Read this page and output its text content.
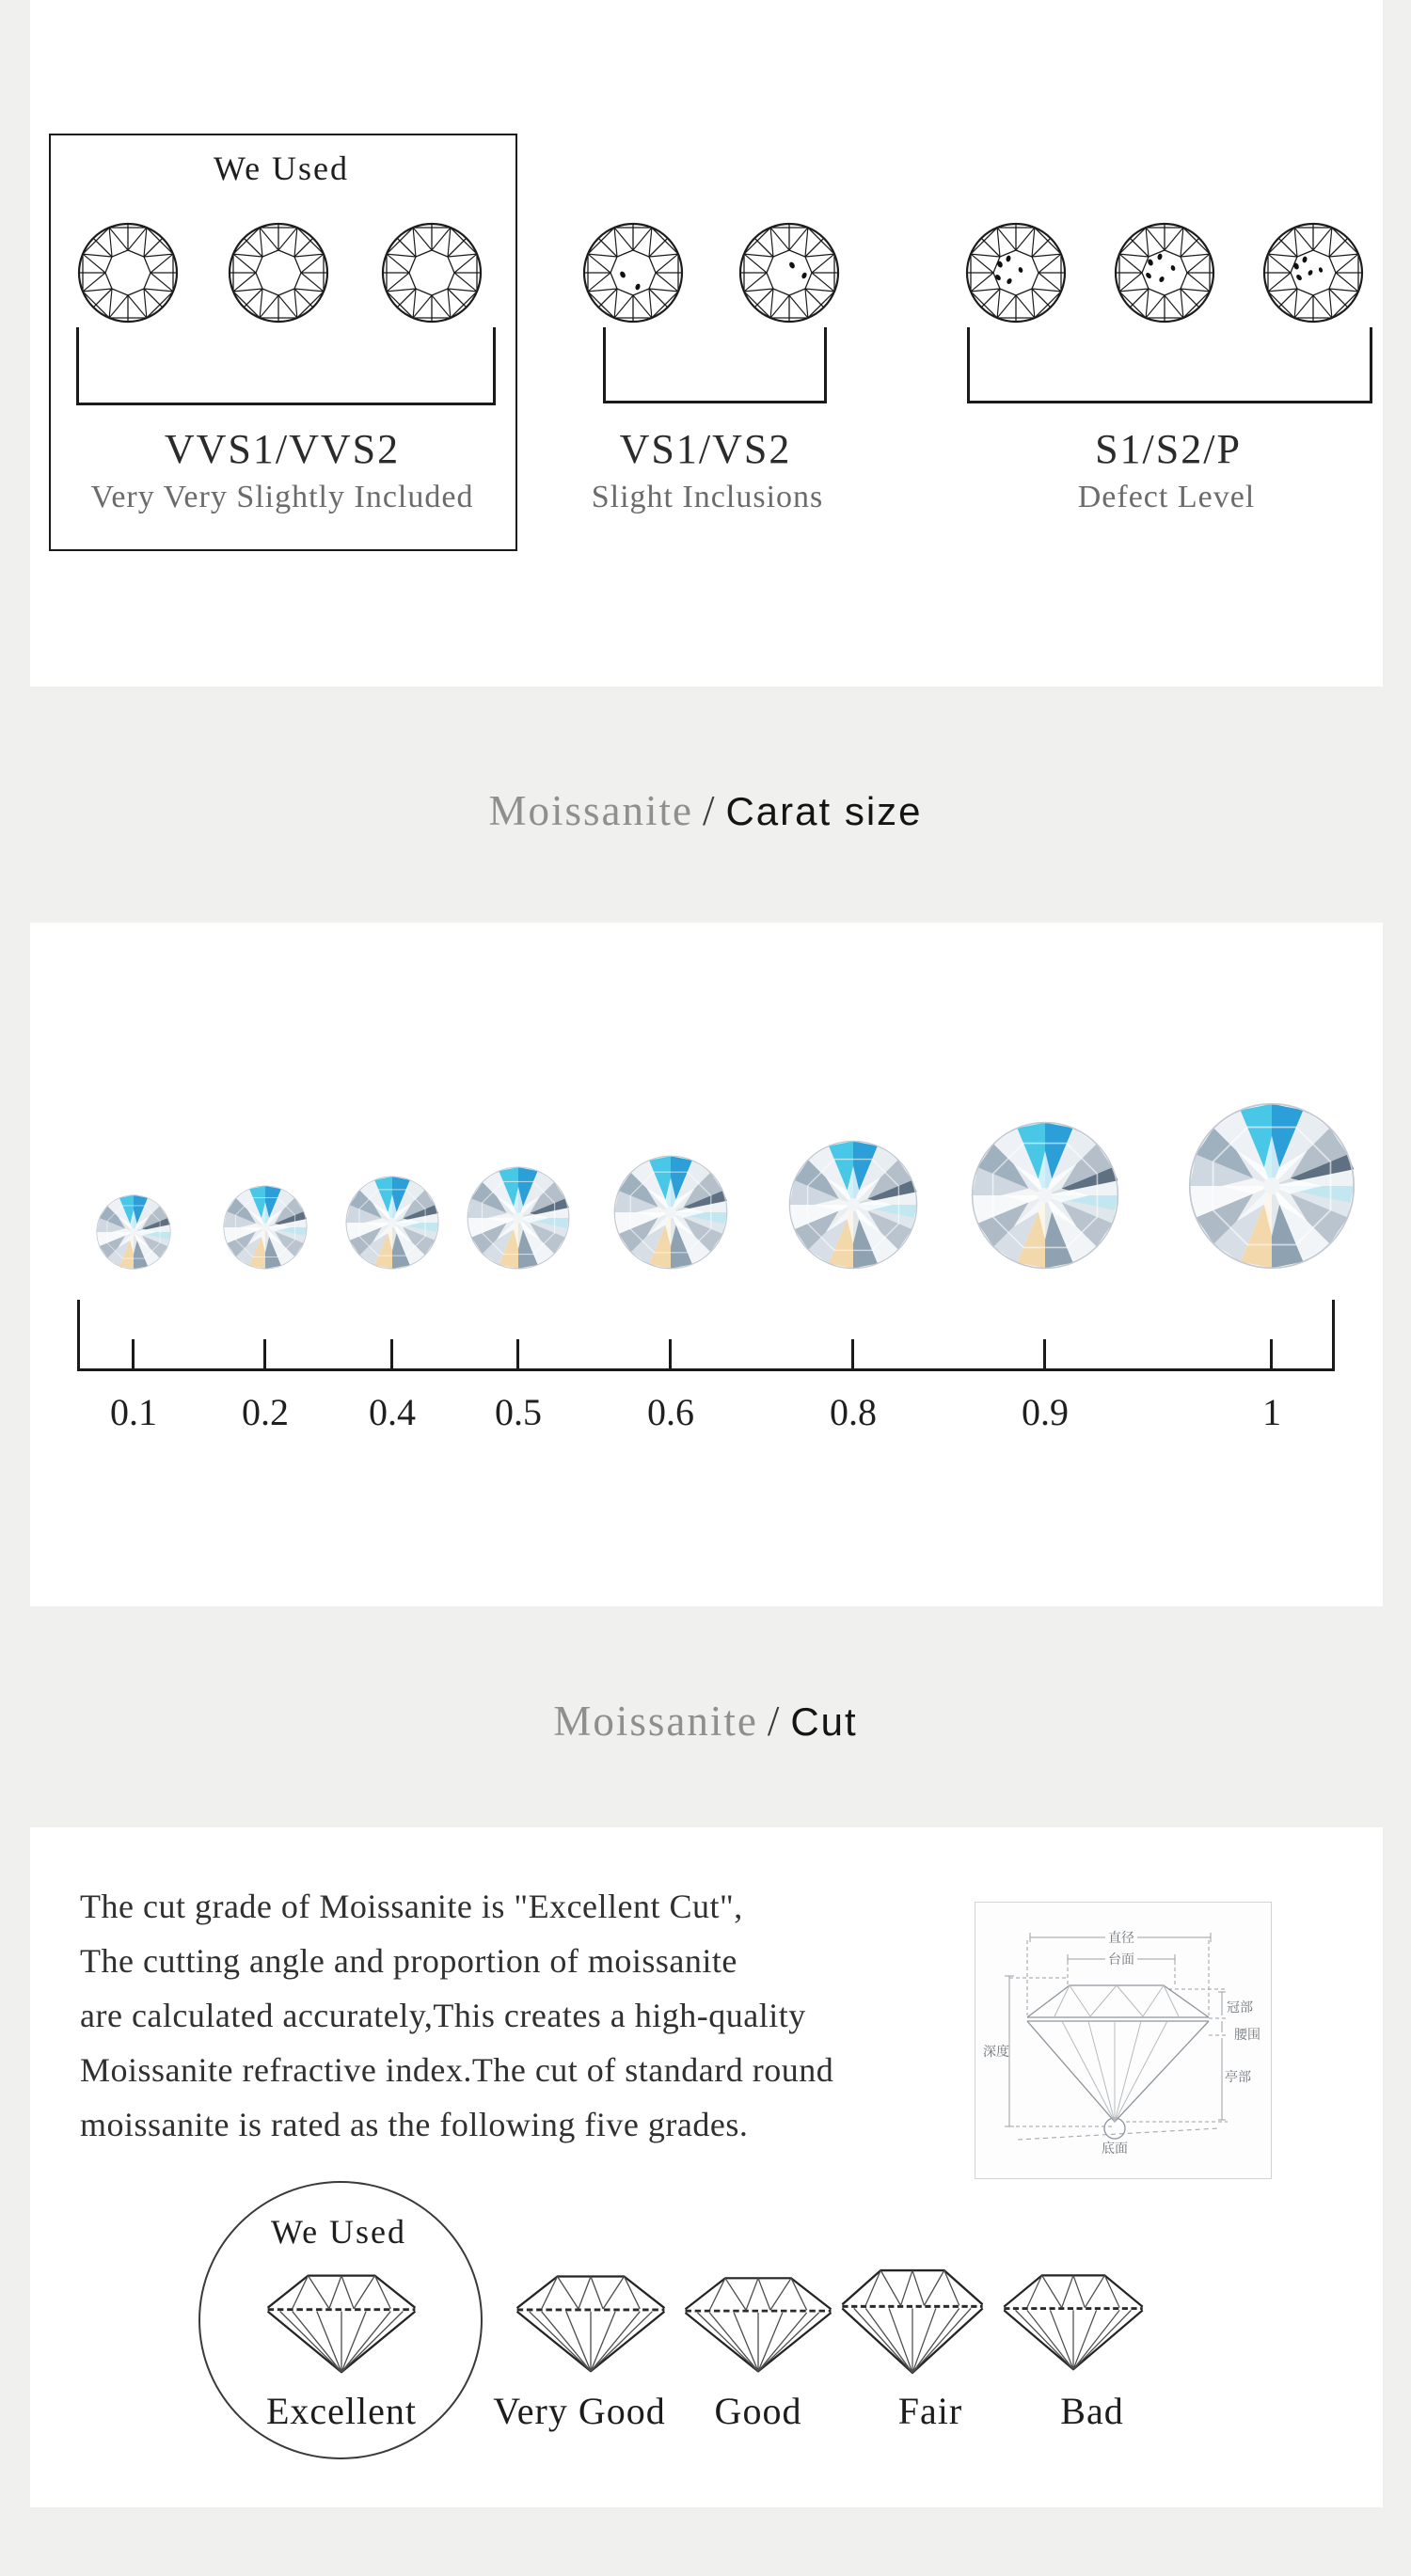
We Used
VVS1/VVS2	VS1/VS2	S1/S2/P
Very Very Slightly Included	Slight Inclusions	Defect Level
Moissanite / Carat size
0.1 0.2 0.4 0.5	0.6	0.8	0.9	1
Moissanite / Cut
The cut grade of Moissanite is "Excellent Cut",
The cutting angle and proportion of moissanite
are calculated accurately,This creates a high-quality
Moissanite refractive index.The cut of standard round
moissanite is rated as the following five grades.
直径
台面
深度
冠部
腰围
亭部
底面
We Used
Excellent Very Good Good	Fair	Bad
